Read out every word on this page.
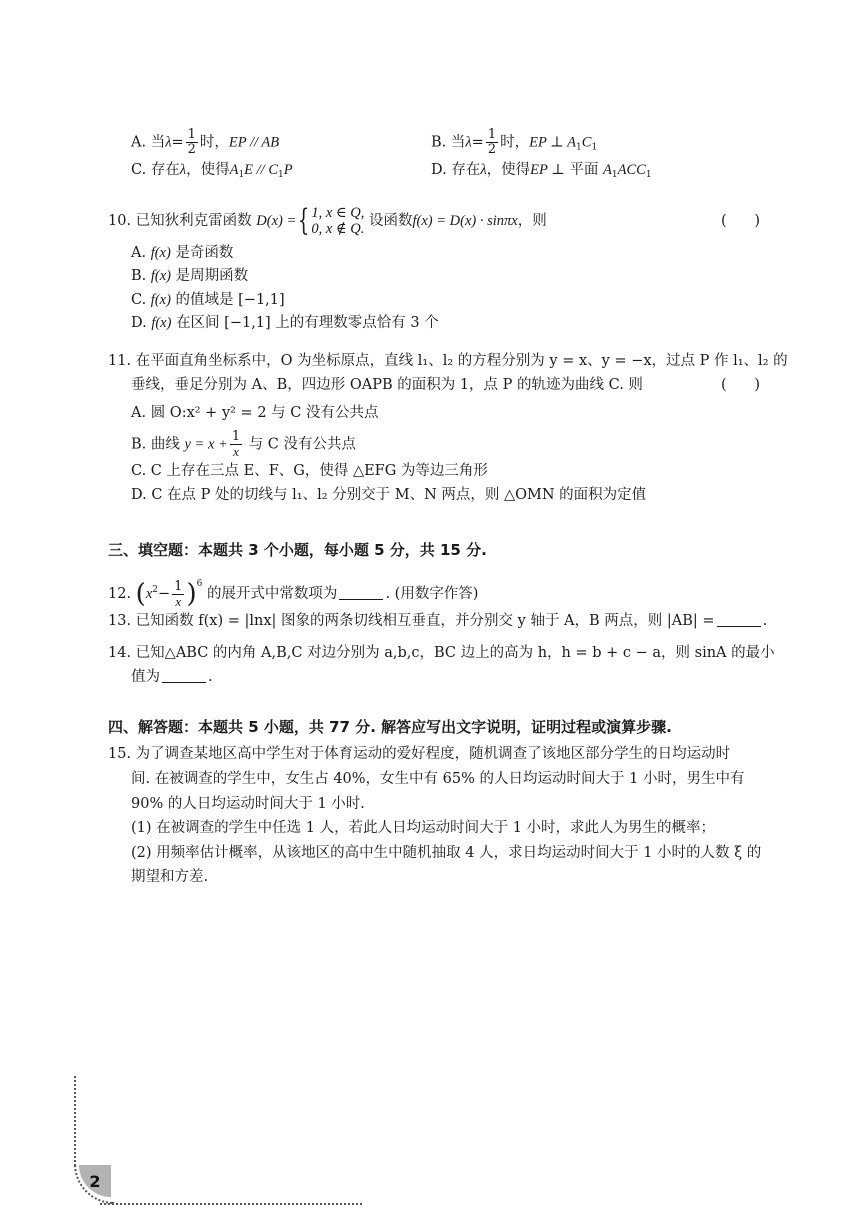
A. 当$\lambda= \frac{1}{2}$ 时，EP // AB	B. 当$\lambda= \frac{1}{2}$ 时，EP ⊥ $A_1C_1$
C. 存在λ，使得$A_1E // C_1P$	D. 存在λ，使得EP ⊥ 平面 $A_1ACC_1$
10. 已知狄利克雷函数 D(x) ={ 1, x ∈ Q,
0, x ∉ Q. 设函数f(x) = D(x) · sinπx，则	(      )
A. f(x) 是奇函数
B. f(x) 是周期函数
C. f(x) 的值域是 [−1,1]
D. f(x) 在区间 [−1,1] 上的有理数零点恰有 3 个
11. 在平面直角坐标系中，O 为坐标原点，直线 l₁、l₂ 的方程分别为 y = x、y = −x，过点 P 作 l₁、l₂ 的
垂线，垂足分别为 A、B，四边形 OAPB 的面积为 1，点 P 的轨迹为曲线 C. 则	(      )
A. 圆 O:x² + y² = 2 与 C 没有公共点
B. 曲线 $y = x + \frac{1}{x}$ 与 C 没有公共点
C. C 上存在三点 E、F、G，使得 △EFG 为等边三角形
D. C 在点 P 处的切线与 l₁、l₂ 分别交于 M、N 两点，则 △OMN 的面积为定值
三、填空题：本题共 3 个小题，每小题 5 分，共 15 分.
12. $(x^2- \frac{1}{x} )^6$ 的展开式中常数项为	. (用数字作答)
13. 已知函数 f(x) = |lnx| 图象的两条切线相互垂直，并分别交 y 轴于 A，B 两点，则 |AB| =	.
14. 已知△ABC 的内角 A,B,C 对边分别为 a,b,c，BC 边上的高为 h，h = b + c − a，则 sinA 的最小
值为	.
四、解答题：本题共 5 小题，共 77 分. 解答应写出文字说明，证明过程或演算步骤.
15. 为了调查某地区高中学生对于体育运动的爱好程度，随机调查了该地区部分学生的日均运动时
间. 在被调查的学生中，女生占 40%，女生中有 65% 的人日均运动时间大于 1 小时，男生中有
90% 的人日均运动时间大于 1 小时.
(1) 在被调查的学生中任选 1 人，若此人日均运动时间大于 1 小时，求此人为男生的概率；
(2) 用频率估计概率，从该地区的高中生中随机抽取 4 人，求日均运动时间大于 1 小时的人数 ξ 的
期望和方差.
2
